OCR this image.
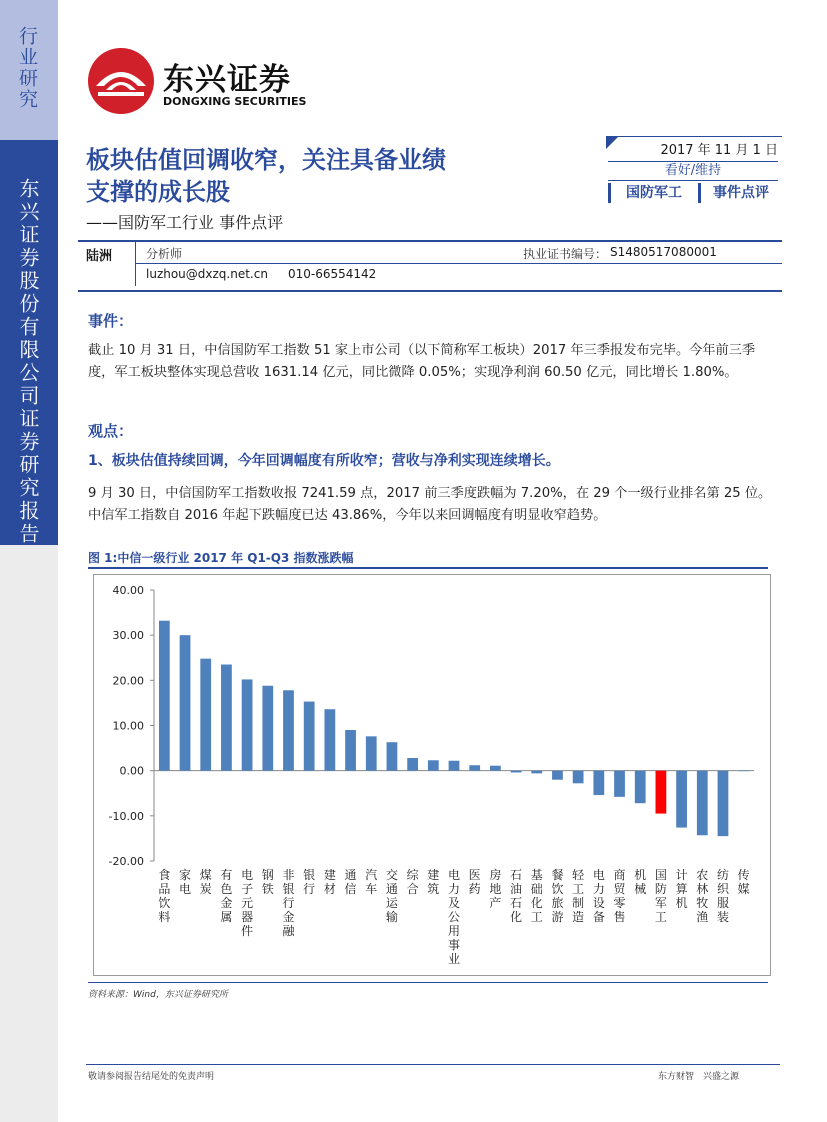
行业研究
东兴证券股份有限公司证券研究报告
东兴证券
DONGXING SECURITIES
板块估值回调收窄，关注具备业绩
支撑的成长股
——国防军工行业 事件点评
2017 年 11 月 1 日
看好/维持
国防军工	事件点评
陆洲	分析师	执业证书编号： S1480517080001
luzhou@dxzq.net.cn 010-66554142
事件：
截止 10 月 31 日，中信国防军工指数 51 家上市公司（以下简称军工板块）2017 年三季报发布完毕。今年前三季度，军工板块整体实现总营收 1631.14 亿元，同比微降 0.05%；实现净利润 60.50 亿元，同比增长 1.80%。
观点：
1、板块估值持续回调，今年回调幅度有所收窄；营收与净利实现连续增长。
9 月 30 日，中信国防军工指数收报 7241.59 点，2017 前三季度跌幅为 7.20%，在 29 个一级行业排名第 25 位。中信军工指数自 2016 年起下跌幅度已达 43.86%，今年以来回调幅度有明显收窄趋势。
图 1:中信一级行业 2017 年 Q1-Q3 指数涨跌幅
40.00
30.00
20.00
10.00
0.00
-10.00
-20.00
食品饮料
家电
煤炭
有色金属
电子元器件
钢铁
非银行金融
银行
建材
通信
汽车
交通运输
综合
建筑
电力及公用事业
医药
房地产
石油石化
基础化工
餐饮旅游
轻工制造
电力设备
商贸零售
机械
国防军工
计算机
农林牧渔
纺织服装
传媒
资料来源：Wind，东兴证券研究所
敬请参阅报告结尾处的免责声明	东方财智　兴盛之源
